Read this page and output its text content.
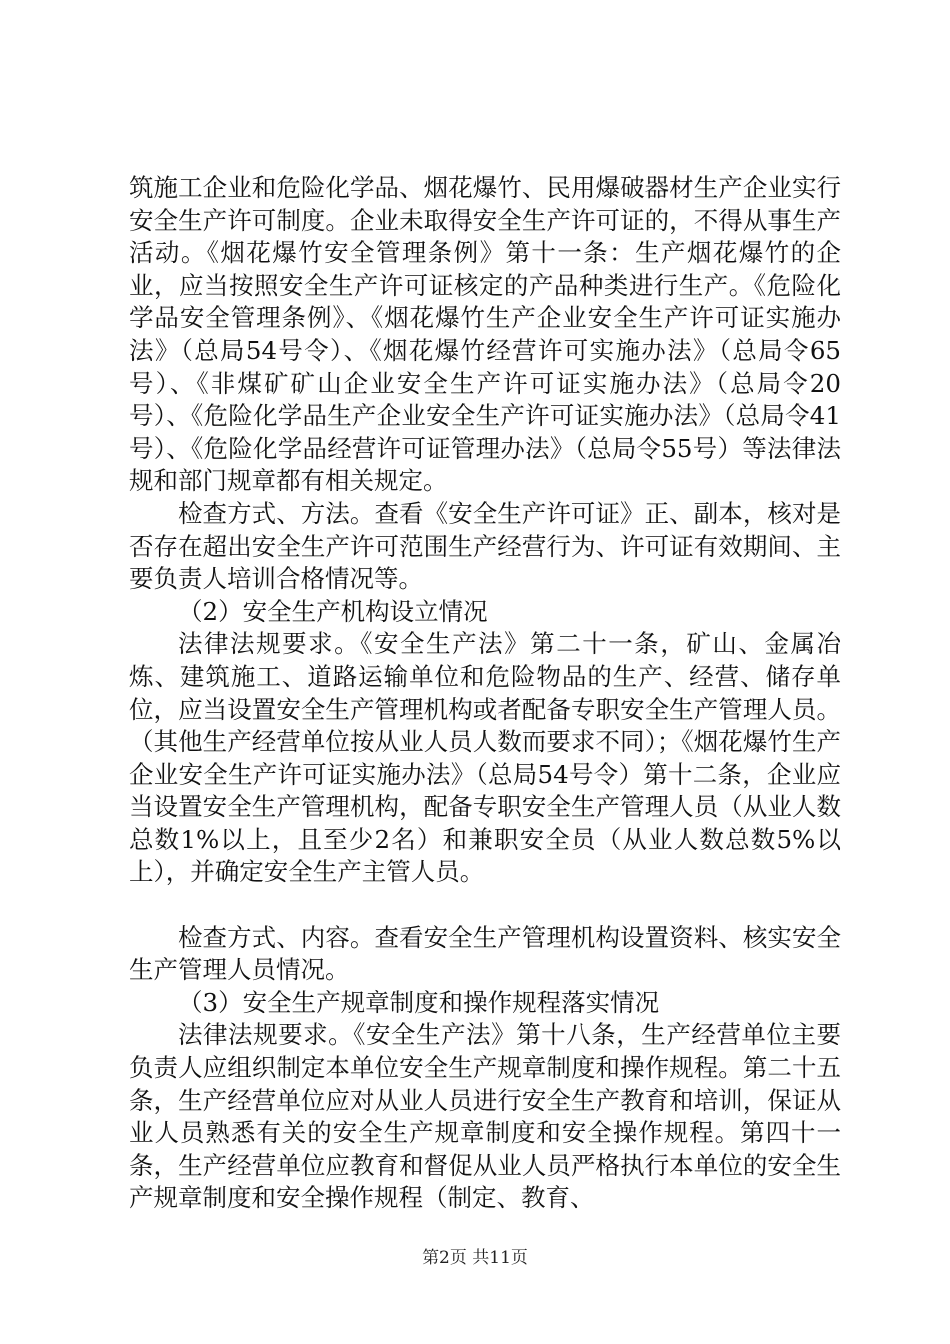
筑施工企业和危险化学品、烟花爆竹、民用爆破器材生产企业实行安全生产许可制度。企业未取得安全生产许可证的，不得从事生产活动。《烟花爆竹安全管理条例》第十一条：生产烟花爆竹的企业，应当按照安全生产许可证核定的产品种类进行生产。《危险化学品安全管理条例》、《烟花爆竹生产企业安全生产许可证实施办法》（总局54号令）、《烟花爆竹经营许可实施办法》（总局令65号）、《非煤矿矿山企业安全生产许可证实施办法》（总局令20号）、《危险化学品生产企业安全生产许可证实施办法》（总局令41号）、《危险化学品经营许可证管理办法》（总局令55号）等法律法规和部门规章都有相关规定。

检查方式、方法。查看《安全生产许可证》正、副本，核对是否存在超出安全生产许可范围生产经营行为、许可证有效期间、主要负责人培训合格情况等。

（2）安全生产机构设立情况

法律法规要求。《安全生产法》第二十一条，矿山、金属冶炼、建筑施工、道路运输单位和危险物品的生产、经营、储存单位，应当设置安全生产管理机构或者配备专职安全生产管理人员。（其他生产经营单位按从业人员人数而要求不同）；《烟花爆竹生产企业安全生产许可证实施办法》（总局54号令）第十二条，企业应当设置安全生产管理机构，配备专职安全生产管理人员（从业人数总数1%以上，且至少2名）和兼职安全员（从业人数总数5%以上），并确定安全生产主管人员。

检查方式、内容。查看安全生产管理机构设置资料、核实安全生产管理人员情况。

（3）安全生产规章制度和操作规程落实情况

法律法规要求。《安全生产法》第十八条，生产经营单位主要负责人应组织制定本单位安全生产规章制度和操作规程。第二十五条，生产经营单位应对从业人员进行安全生产教育和培训，保证从业人员熟悉有关的安全生产规章制度和安全操作规程。第四十一条，生产经营单位应教育和督促从业人员严格执行本单位的安全生产规章制度和安全操作规程（制定、教育、

第2页 共11页
